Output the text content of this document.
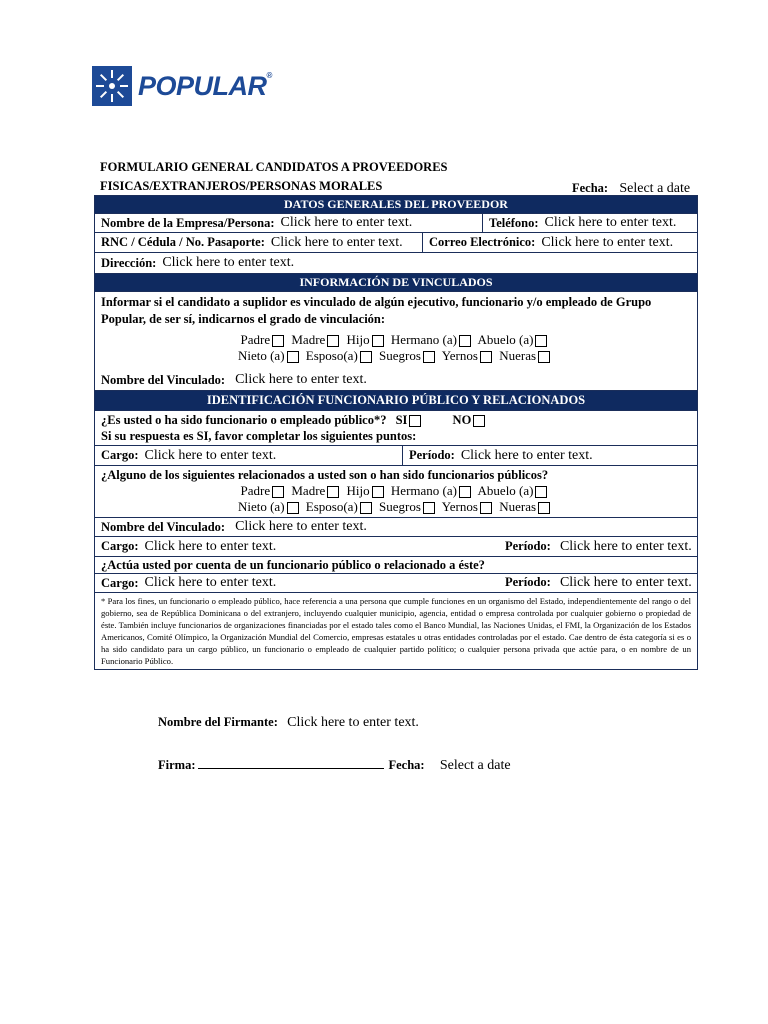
POPULAR®
FORMULARIO GENERAL CANDIDATOS A PROVEEDORES
FISICAS/EXTRANJEROS/PERSONAS MORALES	Fecha: Select a date
DATOS GENERALES DEL PROVEEDOR
Nombre de la Empresa/Persona: Click here to enter text.	Teléfono: Click here to enter text.
RNC / Cédula / No. Pasaporte: Click here to enter text. Correo Electrónico: Click here to enter text.
Dirección: Click here to enter text.
INFORMACIÓN DE VINCULADOS
Informar si el candidato a suplidor es vinculado de algún ejecutivo, funcionario y/o empleado de Grupo Popular, de ser sí, indicarnos el grado de vinculación:
Padre Madre Hijo Hermano (a) Abuelo (a)
Nieto (a) Esposo(a) Suegros Yernos Nueras
Nombre del Vinculado: Click here to enter text.
IDENTIFICACIÓN FUNCIONARIO PÚBLICO Y RELACIONADOS
¿Es usted o ha sido funcionario o empleado público*? SI	NO
Si su respuesta es SI, favor completar los siguientes puntos:
Cargo: Click here to enter text.	Período: Click here to enter text.
¿Alguno de los siguientes relacionados a usted son o han sido funcionarios públicos?
Padre Madre Hijo Hermano (a) Abuelo (a)
Nieto (a) Esposo(a) Suegros Yernos Nueras
Nombre del Vinculado: Click here to enter text.
Cargo: Click here to enter text.	Período: Click here to enter text.
¿Actúa usted por cuenta de un funcionario público o relacionado a éste?
Cargo: Click here to enter text.	Período: Click here to enter text.
* Para los fines, un funcionario o empleado público, hace referencia a una persona que cumple funciones en un organismo del Estado, independientemente del rango o del gobierno, sea de República Dominicana o del extranjero, incluyendo cualquier municipio, agencia, entidad o empresa controlada por cualquier gobierno o propiedad de éste. También incluye funcionarios de organizaciones financiadas por el estado tales como el Banco Mundial, las Naciones Unidas, el FMI, la Organización de los Estados Americanos, Comité Olímpico, la Organización Mundial del Comercio, empresas estatales u otras entidades controladas por el estado. Cae dentro de ésta categoría si es o ha sido candidato para un cargo público, un funcionario o empleado de cualquier partido político; o cualquier persona privada que actúe para, o en nombre de un Funcionario Público.
Nombre del Firmante: Click here to enter text.
Firma:	Fecha: Select a date
